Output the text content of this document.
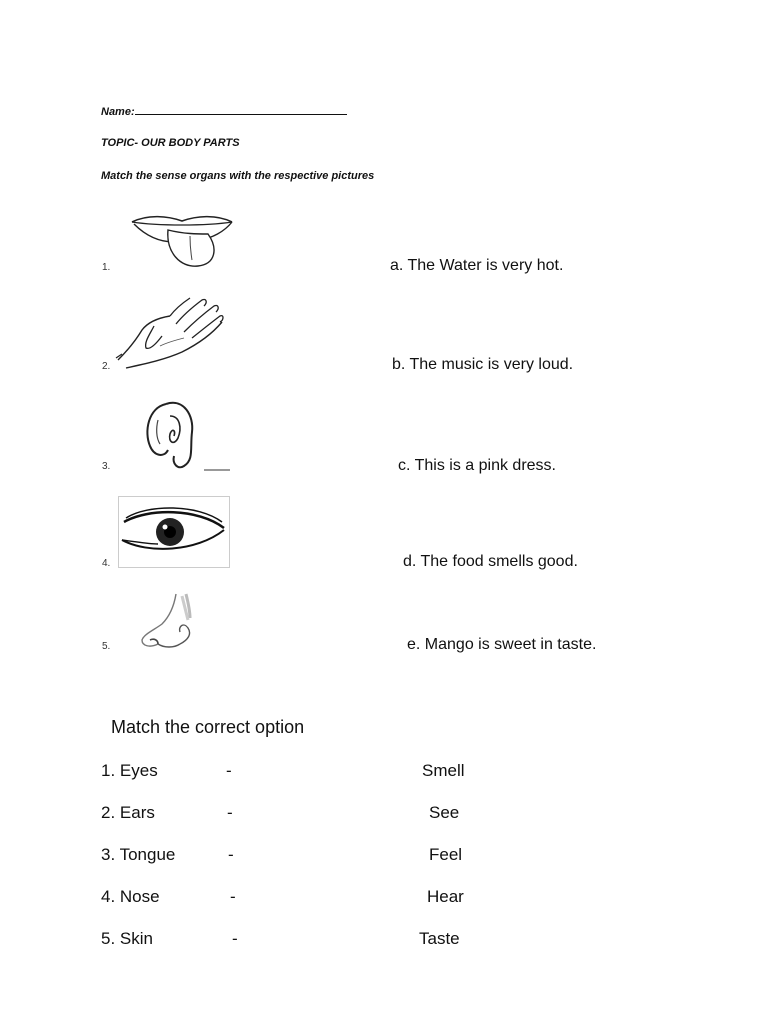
Name:
TOPIC- OUR BODY PARTS
Match the sense organs with the respective pictures
1.	a. The Water is very hot.
2.	b. The music is very loud.
3.	c. This is a pink dress.
4.	d. The food smells good.
5.	e. Mango is sweet in taste.
Match the correct option
1. Eyes	-	Smell
2. Ears	-	See
3. Tongue	-	Feel
4. Nose	-	Hear
5. Skin	-	Taste
